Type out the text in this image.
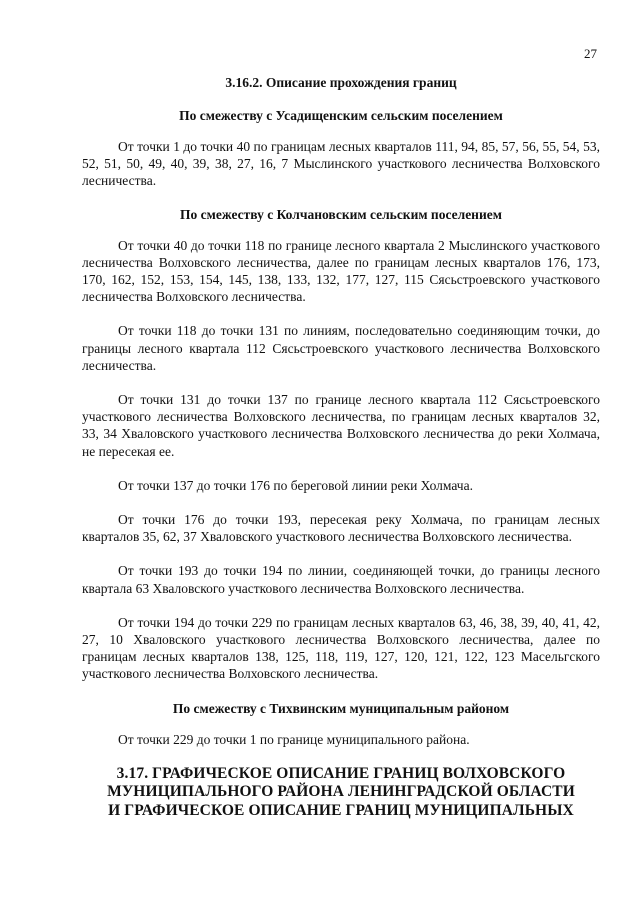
27

3.16.2. Описание прохождения границ

По смежеству с Усадищенским сельским поселением

От точки 1 до точки 40 по границам лесных кварталов 111, 94, 85, 57, 56, 55, 54, 53, 52, 51, 50, 49, 40, 39, 38, 27, 16, 7 Мыслинского участкового лесничества Волховского лесничества.

По смежеству с Колчановским сельским поселением

От точки 40 до точки 118 по границе лесного квартала 2 Мыслинского участкового лесничества Волховского лесничества, далее по границам лесных кварталов 176, 173, 170, 162, 152, 153, 154, 145, 138, 133, 132, 177, 127, 115 Сясьстроевского участкового лесничества Волховского лесничества.

От точки 118 до точки 131 по линиям, последовательно соединяющим точки, до границы лесного квартала 112 Сясьстроевского участкового лесничества Волховского лесничества.

От точки 131 до точки 137 по границе лесного квартала 112 Сясьстроевского участкового лесничества Волховского лесничества, по границам лесных кварталов 32, 33, 34 Хваловского участкового лесничества Волховского лесничества до реки Холмача, не пересекая ее.

От точки 137 до точки 176 по береговой линии реки Холмача.

От точки 176 до точки 193, пересекая реку Холмача, по границам лесных кварталов 35, 62, 37 Хваловского участкового лесничества Волховского лесничества.

От точки 193 до точки 194 по линии, соединяющей точки, до границы лесного квартала 63 Хваловского участкового лесничества Волховского лесничества.

От точки 194 до точки 229 по границам лесных кварталов 63, 46, 38, 39, 40, 41, 42, 27, 10 Хваловского участкового лесничества Волховского лесничества, далее по границам лесных кварталов 138, 125, 118, 119, 127, 120, 121, 122, 123 Масельгского участкового лесничества Волховского лесничества.

По смежеству с Тихвинским муниципальным районом

От точки 229 до точки 1 по границе муниципального района.

3.17. ГРАФИЧЕСКОЕ ОПИСАНИЕ ГРАНИЦ ВОЛХОВСКОГО

МУНИЦИПАЛЬНОГО РАЙОНА ЛЕНИНГРАДСКОЙ ОБЛАСТИ

И ГРАФИЧЕСКОЕ ОПИСАНИЕ ГРАНИЦ МУНИЦИПАЛЬНЫХ
